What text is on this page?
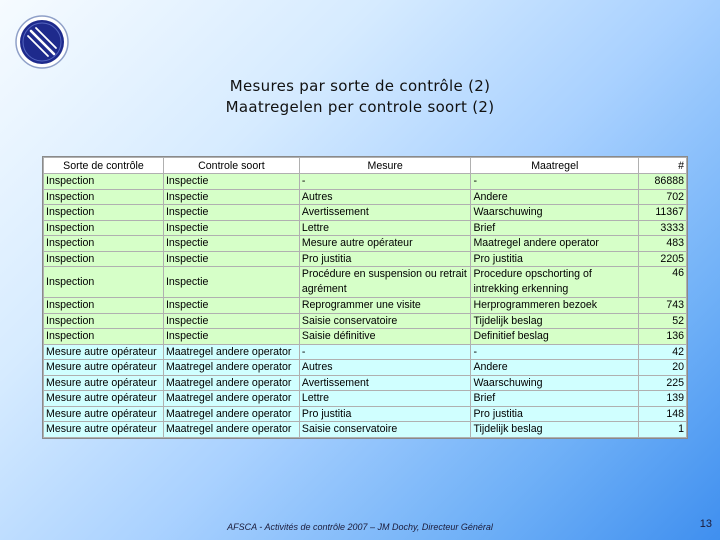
Mesures par sorte de contrôle (2)
Maatregelen per controle soort (2)
Sorte de contrôle	Controle soort	Mesure	Maatregel	#
Inspection	Inspectie	-	-	86888
Inspection	Inspectie	Autres	Andere	702
Inspection	Inspectie	Avertissement	Waarschuwing	11367
Inspection	Inspectie	Lettre	Brief	3333
Inspection	Inspectie	Mesure autre opérateur	Maatregel andere operator	483
Inspection	Inspectie	Pro justitia	Pro justitia	2205
Inspection	Inspectie	Procédure en suspension ou retrait agrément	Procedure opschorting of intrekking erkenning	46
Inspection	Inspectie	Reprogrammer une visite	Herprogrammeren bezoek	743
Inspection	Inspectie	Saisie conservatoire	Tijdelijk beslag	52
Inspection	Inspectie	Saisie définitive	Definitief beslag	136
Mesure autre opérateur	Maatregel andere operator	-	-	42
Mesure autre opérateur	Maatregel andere operator	Autres	Andere	20
Mesure autre opérateur	Maatregel andere operator	Avertissement	Waarschuwing	225
Mesure autre opérateur	Maatregel andere operator	Lettre	Brief	139
Mesure autre opérateur	Maatregel andere operator	Pro justitia	Pro justitia	148
Mesure autre opérateur	Maatregel andere operator	Saisie conservatoire	Tijdelijk beslag	1
AFSCA - Activités de contrôle 2007 – JM Dochy, Directeur Général	13
